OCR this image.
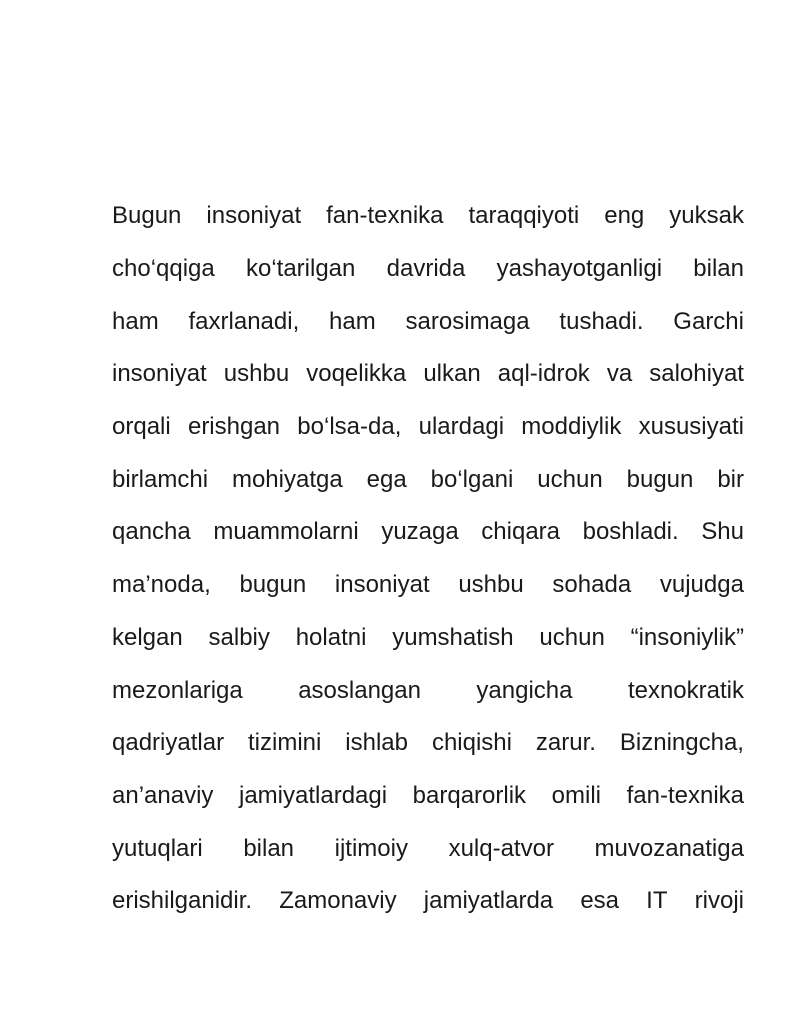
Bugun insoniyat fan-texnika taraqqiyoti eng yuksak
cho‘qqiga ko‘tarilgan davrida yashayotganligi bilan
ham faxrlanadi, ham sarosimaga tushadi. Garchi
insoniyat ushbu voqelikka ulkan aql-idrok va salohiyat
orqali erishgan bo‘lsa-da, ulardagi moddiylik xususiyati
birlamchi mohiyatga ega bo‘lgani uchun bugun bir
qancha muammolarni yuzaga chiqara boshladi. Shu
ma’noda, bugun insoniyat ushbu sohada vujudga
kelgan salbiy holatni yumshatish uchun “insoniylik”
mezonlariga asoslangan yangicha texnokratik
qadriyatlar tizimini ishlab chiqishi zarur. Bizningcha,
an’anaviy jamiyatlardagi barqarorlik omili fan-texnika
yutuqlari bilan ijtimoiy xulq-atvor muvozanatiga
erishilganidir. Zamonaviy jamiyatlarda esa IT rivoji
